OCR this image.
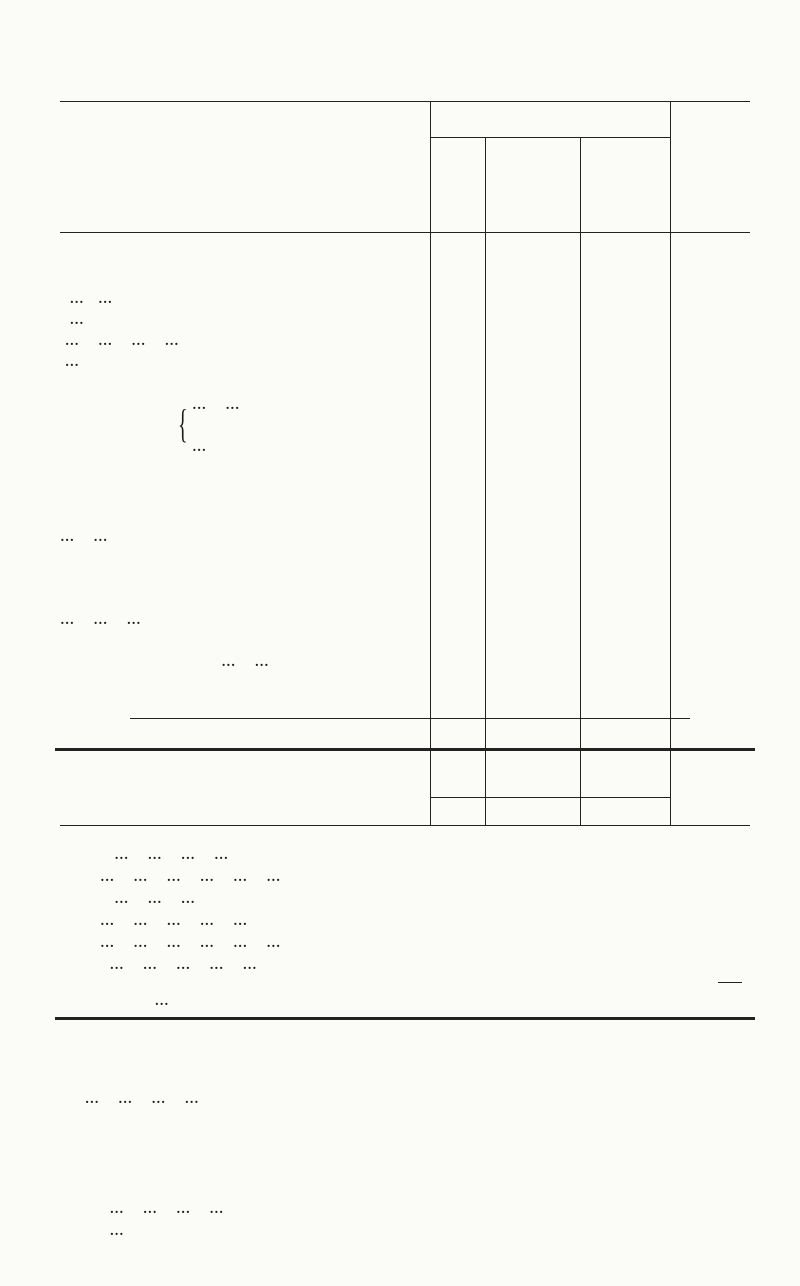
...   ...
...
...    ...    ...    ...
...
{ ...    ...
...
...    ...
...    ...    ...
...    ...
...    ...    ...    ...
...    ...    ...    ...    ...    ...
...    ...    ...
...    ...    ...    ...    ...
...    ...    ...    ...    ...    ...
...    ...    ...    ...    ...
...
...    ...    ...    ...
...    ...    ...    ...
...
